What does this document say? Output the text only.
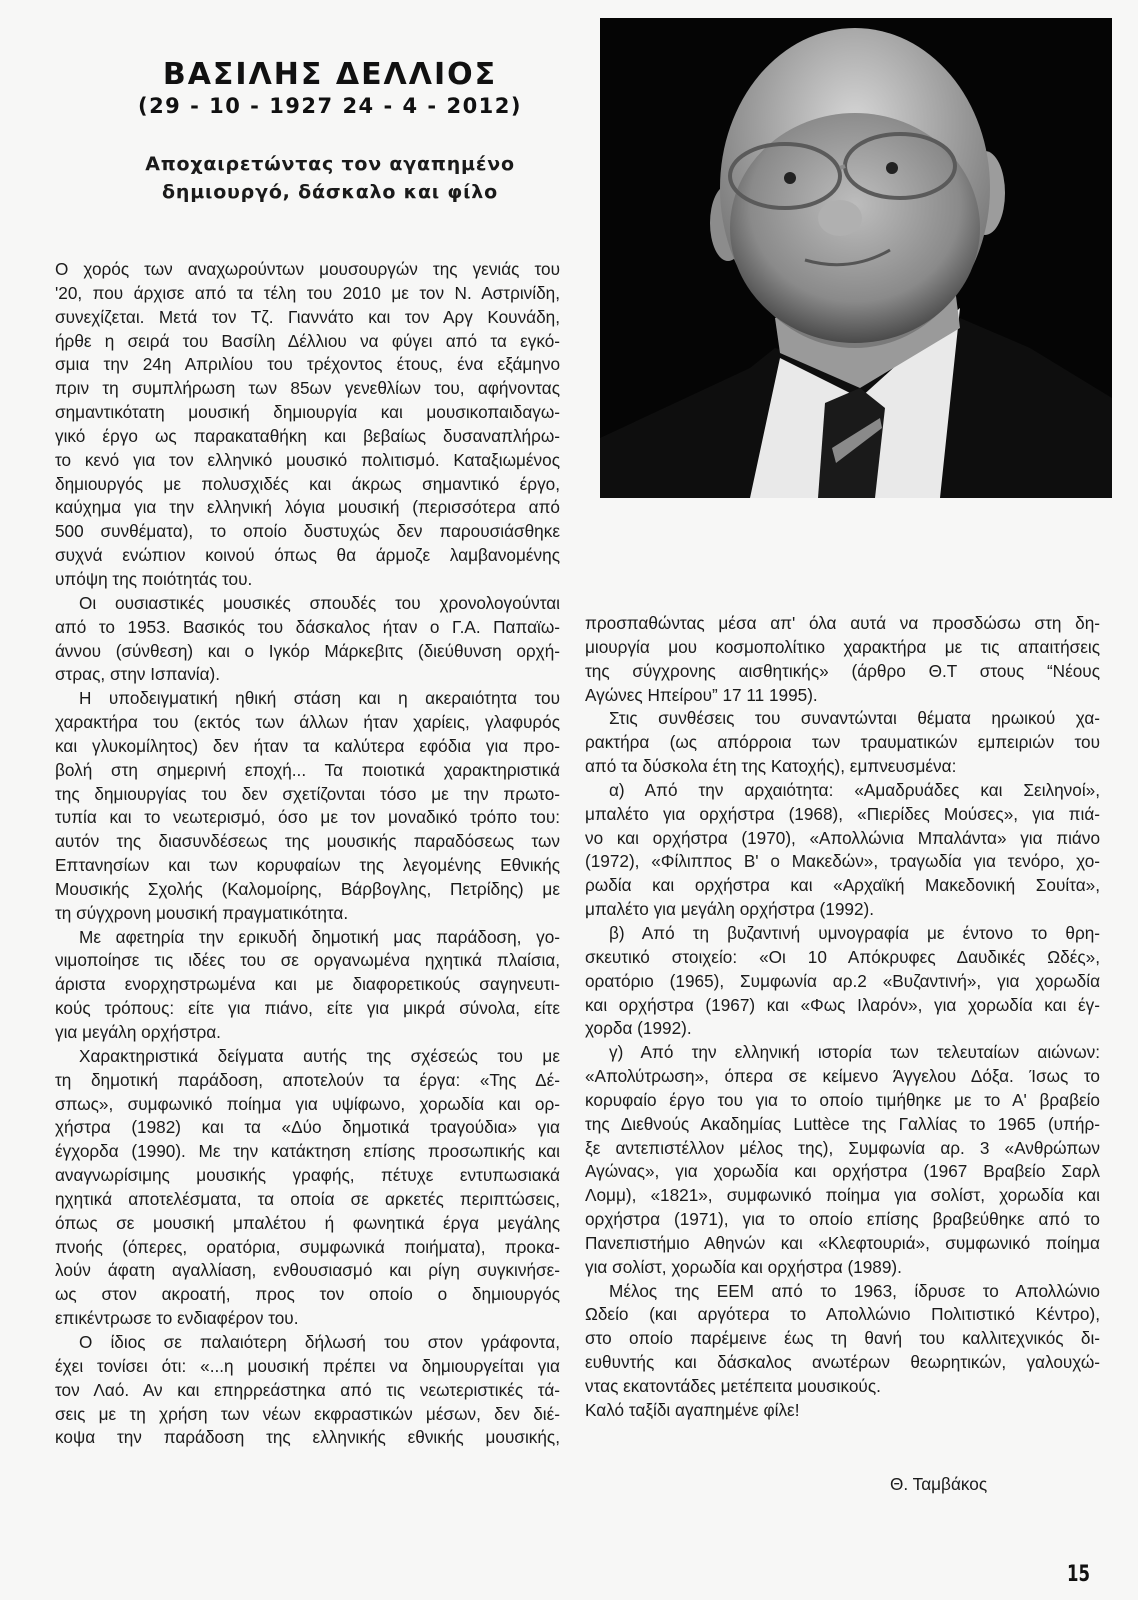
ΒΑΣΙΛΗΣ ΔΕΛΛΙΟΣ
(29 - 10 - 1927 24 - 4 - 2012)
Αποχαιρετώντας τον αγαπημένο
δημιουργό, δάσκαλο και φίλο
Ο χορός των αναχωρούντων μουσουργών της γενιάς του
'20, που άρχισε από τα τέλη του 2010 με τον Ν. Αστρινίδη,
συνεχίζεται. Μετά τον Τζ. Γιαννάτο και τον Αργ Κουνάδη,
ήρθε η σειρά του Βασίλη Δέλλιου να φύγει από τα εγκό-
σμια την 24η Απριλίου του τρέχοντος έτους, ένα εξάμηνο
πριν τη συμπλήρωση των 85ων γενεθλίων του, αφήνοντας
σημαντικότατη μουσική δημιουργία και μουσικοπαιδαγω-
γικό έργο ως παρακαταθήκη και βεβαίως δυσαναπλήρω-
το κενό για τον ελληνικό μουσικό πολιτισμό. Καταξιωμένος
δημιουργός με πολυσχιδές και άκρως σημαντικό έργο,
καύχημα για την ελληνική λόγια μουσική (περισσότερα από
500 συνθέματα), το οποίο δυστυχώς δεν παρουσιάσθηκε
συχνά ενώπιον κοινού όπως θα άρμοζε λαμβανομένης
υπόψη της ποιότητάς του.
Οι ουσιαστικές μουσικές σπουδές του χρονολογούνται
από το 1953. Βασικός του δάσκαλος ήταν ο Γ.Α. Παπαϊω-
άννου (σύνθεση) και ο Ιγκόρ Μάρκεβιτς (διεύθυνση ορχή-
στρας, στην Ισπανία).
Η υποδειγματική ηθική στάση και η ακεραιότητα του
χαρακτήρα του (εκτός των άλλων ήταν χαρίεις, γλαφυρός
και γλυκομίλητος) δεν ήταν τα καλύτερα εφόδια για προ-
βολή στη σημερινή εποχή... Τα ποιοτικά χαρακτηριστικά
της δημιουργίας του δεν σχετίζονται τόσο με την πρωτο-
τυπία και το νεωτερισμό, όσο με τον μοναδικό τρόπο του:
αυτόν της διασυνδέσεως της μουσικής παραδόσεως των
Επτανησίων και των κορυφαίων της λεγομένης Εθνικής
Μουσικής Σχολής (Καλομοίρης, Βάρβογλης, Πετρίδης) με
τη σύγχρονη μουσική πραγματικότητα.
Με αφετηρία την ερικυδή δημοτική μας παράδοση, γο-
νιμοποίησε τις ιδέες του σε οργανωμένα ηχητικά πλαίσια,
άριστα ενορχηστρωμένα και με διαφορετικούς σαγηνευτι-
κούς τρόπους: είτε για πιάνο, είτε για μικρά σύνολα, είτε
για μεγάλη ορχήστρα.
Χαρακτηριστικά δείγματα αυτής της σχέσεώς του με
τη δημοτική παράδοση, αποτελούν τα έργα: «Της Δέ-
σπως», συμφωνικό ποίημα για υψίφωνο, χορωδία και ορ-
χήστρα (1982) και τα «Δύο δημοτικά τραγούδια» για
έγχορδα (1990). Με την κατάκτηση επίσης προσωπικής και
αναγνωρίσιμης μουσικής γραφής, πέτυχε εντυπωσιακά
ηχητικά αποτελέσματα, τα οποία σε αρκετές περιπτώσεις,
όπως σε μουσική μπαλέτου ή φωνητικά έργα μεγάλης
πνοής (όπερες, ορατόρια, συμφωνικά ποιήματα), προκα-
λούν άφατη αγαλλίαση, ενθουσιασμό και ρίγη συγκινήσε-
ως στον ακροατή, προς τον οποίο ο δημιουργός
επικέντρωσε το ενδιαφέρον του.
Ο ίδιος σε παλαιότερη δήλωσή του στον γράφοντα,
έχει τονίσει ότι: «...η μουσική πρέπει να δημιουργείται για
τον Λαό. Αν και επηρρεάστηκα από τις νεωτεριστικές τά-
σεις με τη χρήση των νέων εκφραστικών μέσων, δεν διέ-
κοψα την παράδοση της ελληνικής εθνικής μουσικής,
προσπαθώντας μέσα απ' όλα αυτά να προσδώσω στη δη-
μιουργία μου κοσμοπολίτικο χαρακτήρα με τις απαιτήσεις
της σύγχρονης αισθητικής» (άρθρο Θ.Τ στους “Νέους
Αγώνες Ηπείρου” 17 11 1995).
Στις συνθέσεις του συναντώνται θέματα ηρωικού χα-
ρακτήρα (ως απόρροια των τραυματικών εμπειριών του
από τα δύσκολα έτη της Κατοχής), εμπνευσμένα:
α) Από την αρχαιότητα: «Αμαδρυάδες και Σειληνοί»,
μπαλέτο για ορχήστρα (1968), «Πιερίδες Μούσες», για πιά-
νο και ορχήστρα (1970), «Απολλώνια Μπαλάντα» για πιάνο
(1972), «Φίλιππος Β' ο Μακεδών», τραγωδία για τενόρο, χο-
ρωδία και ορχήστρα και «Αρχαϊκή Μακεδονική Σουίτα»,
μπαλέτο για μεγάλη ορχήστρα (1992).
β) Από τη βυζαντινή υμνογραφία με έντονο το θρη-
σκευτικό στοιχείο: «Οι 10 Απόκρυφες Δαυδικές Ωδές»,
ορατόριο (1965), Συμφωνία αρ.2 «Βυζαντινή», για χορωδία
και ορχήστρα (1967) και «Φως Ιλαρόν», για χορωδία και έγ-
χορδα (1992).
γ) Από την ελληνική ιστορία των τελευταίων αιώνων:
«Απολύτρωση», όπερα σε κείμενο Άγγελου Δόξα. Ίσως το
κορυφαίο έργο του για το οποίο τιμήθηκε με το Α' βραβείο
της Διεθνούς Ακαδημίας Luttèce της Γαλλίας το 1965 (υπήρ-
ξε αντεπιστέλλον μέλος της), Συμφωνία αρ. 3 «Ανθρώπων
Αγώνας», για χορωδία και ορχήστρα (1967 Βραβείο Σαρλ
Λομμ), «1821», συμφωνικό ποίημα για σολίστ, χορωδία και
ορχήστρα (1971), για το οποίο επίσης βραβεύθηκε από το
Πανεπιστήμιο Αθηνών και «Κλεφτουριά», συμφωνικό ποίημα
για σολίστ, χορωδία και ορχήστρα (1989).
Μέλος της ΕΕΜ από το 1963, ίδρυσε το Απολλώνιο
Ωδείο (και αργότερα το Απολλώνιο Πολιτιστικό Κέντρο),
στο οποίο παρέμεινε έως τη θανή του καλλιτεχνικός δι-
ευθυντής και δάσκαλος ανωτέρων θεωρητικών, γαλουχώ-
ντας εκατοντάδες μετέπειτα μουσικούς.
Καλό ταξίδι αγαπημένε φίλε!
Θ. Ταμβάκος
15
